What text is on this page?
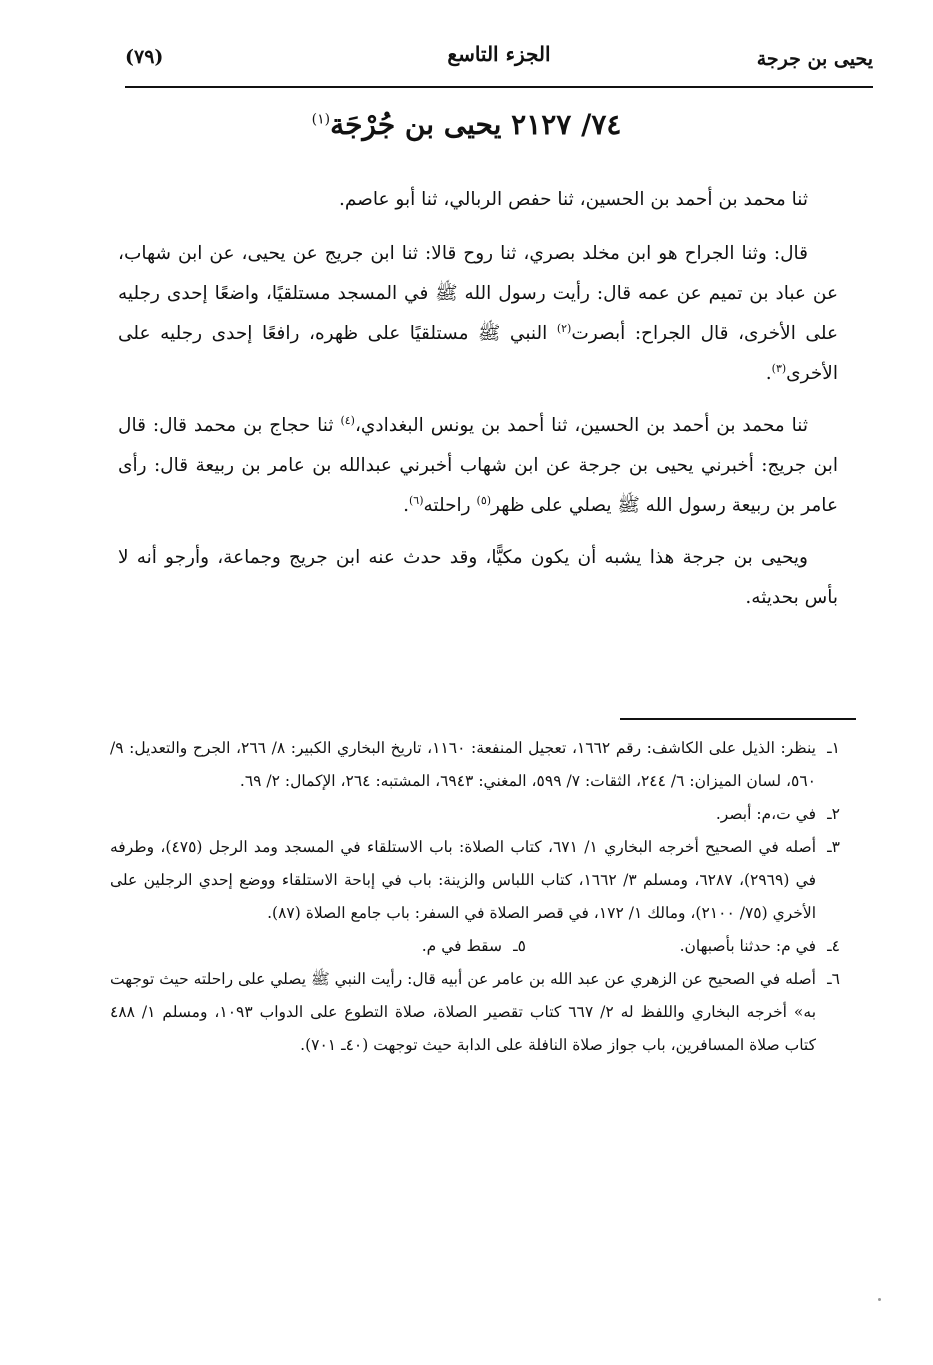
يحيى بن جرجة
الجزء التاسع
(٧٩)
٧٤/ ٢١٢٧ يحيى بن جُرْجَة$^{(١)}$

ثنا محمد بن أحمد بن الحسين، ثنا حفص الربالي، ثنا أبو عاصم.

قال: وثنا الجراح هو ابن مخلد بصري، ثنا روح قالا: ثنا ابن جريج عن يحيى، عن ابن شهاب، عن عباد بن تميم عن عمه قال: رأيت رسول الله ﷺ في المسجد مستلقيًا، واضعًا إحدى رجليه على الأخرى، قال الجراح: أبصرت$^{(٢)}$ النبي ﷺ مستلقيًا على ظهره، رافعًا إحدى رجليه على الأخرى$^{(٣)}$.

ثنا محمد بن أحمد بن الحسين، ثنا أحمد بن يونس البغدادي،$^{(٤)}$ ثنا حجاج بن محمد قال: قال ابن جريج: أخبرني يحيى بن جرجة عن ابن شهاب أخبرني عبدالله بن عامر بن ربيعة قال: رأى عامر بن ربيعة رسول الله ﷺ يصلي على ظهر$^{(٥)}$ راحلته$^{(٦)}$.

ويحيى بن جرجة هذا يشبه أن يكون مكيًّا، وقد حدث عنه ابن جريج وجماعة، وأرجو أنه لا بأس بحديثه.

١ـ
ينظر: الذيل على الكاشف: رقم ١٦٦٢، تعجيل المنفعة: ١١٦٠، تاريخ البخاري الكبير: ٨/ ٢٦٦، الجرح والتعديل: ٩/ ٥٦٠، لسان الميزان: ٦/ ٢٤٤، الثقات: ٧/ ٥٩٩، المغني: ٦٩٤٣، المشتبه: ٢٦٤، الإكمال: ٢/ ٦٩.
٢ـ
في ت،م: أبصر.
٣ـ
أصله في الصحيح أخرجه البخاري ١/ ٦٧١، كتاب الصلاة: باب الاستلقاء في المسجد ومد الرجل (٤٧٥)، وطرفه في (٢٩٦٩)، ٦٢٨٧، ومسلم ٣/ ١٦٦٢، كتاب اللباس والزينة: باب في إباحة الاستلقاء ووضع إحدي الرجلين على الأخري (٧٥/ ٢١٠٠)، ومالك ١/ ١٧٢، في قصر الصلاة في السفر: باب جامع الصلاة (٨٧).
٤ـ
في م: حدثنا بأصبهان.
٥ـ
سقط في م.
٦ـ
أصله في الصحيح عن الزهري عن عبد الله بن عامر عن أبيه قال: رأيت النبي ﷺ يصلي على راحلته حيث توجهت به» أخرجه البخاري واللفظ له ٢/ ٦٦٧ كتاب تقصير الصلاة، صلاة التطوع على الدواب ١٠٩٣، ومسلم ١/ ٤٨٨ كتاب صلاة المسافرين، باب جواز صلاة النافلة على الدابة حيث توجهت (٤٠ـ ٧٠١).
